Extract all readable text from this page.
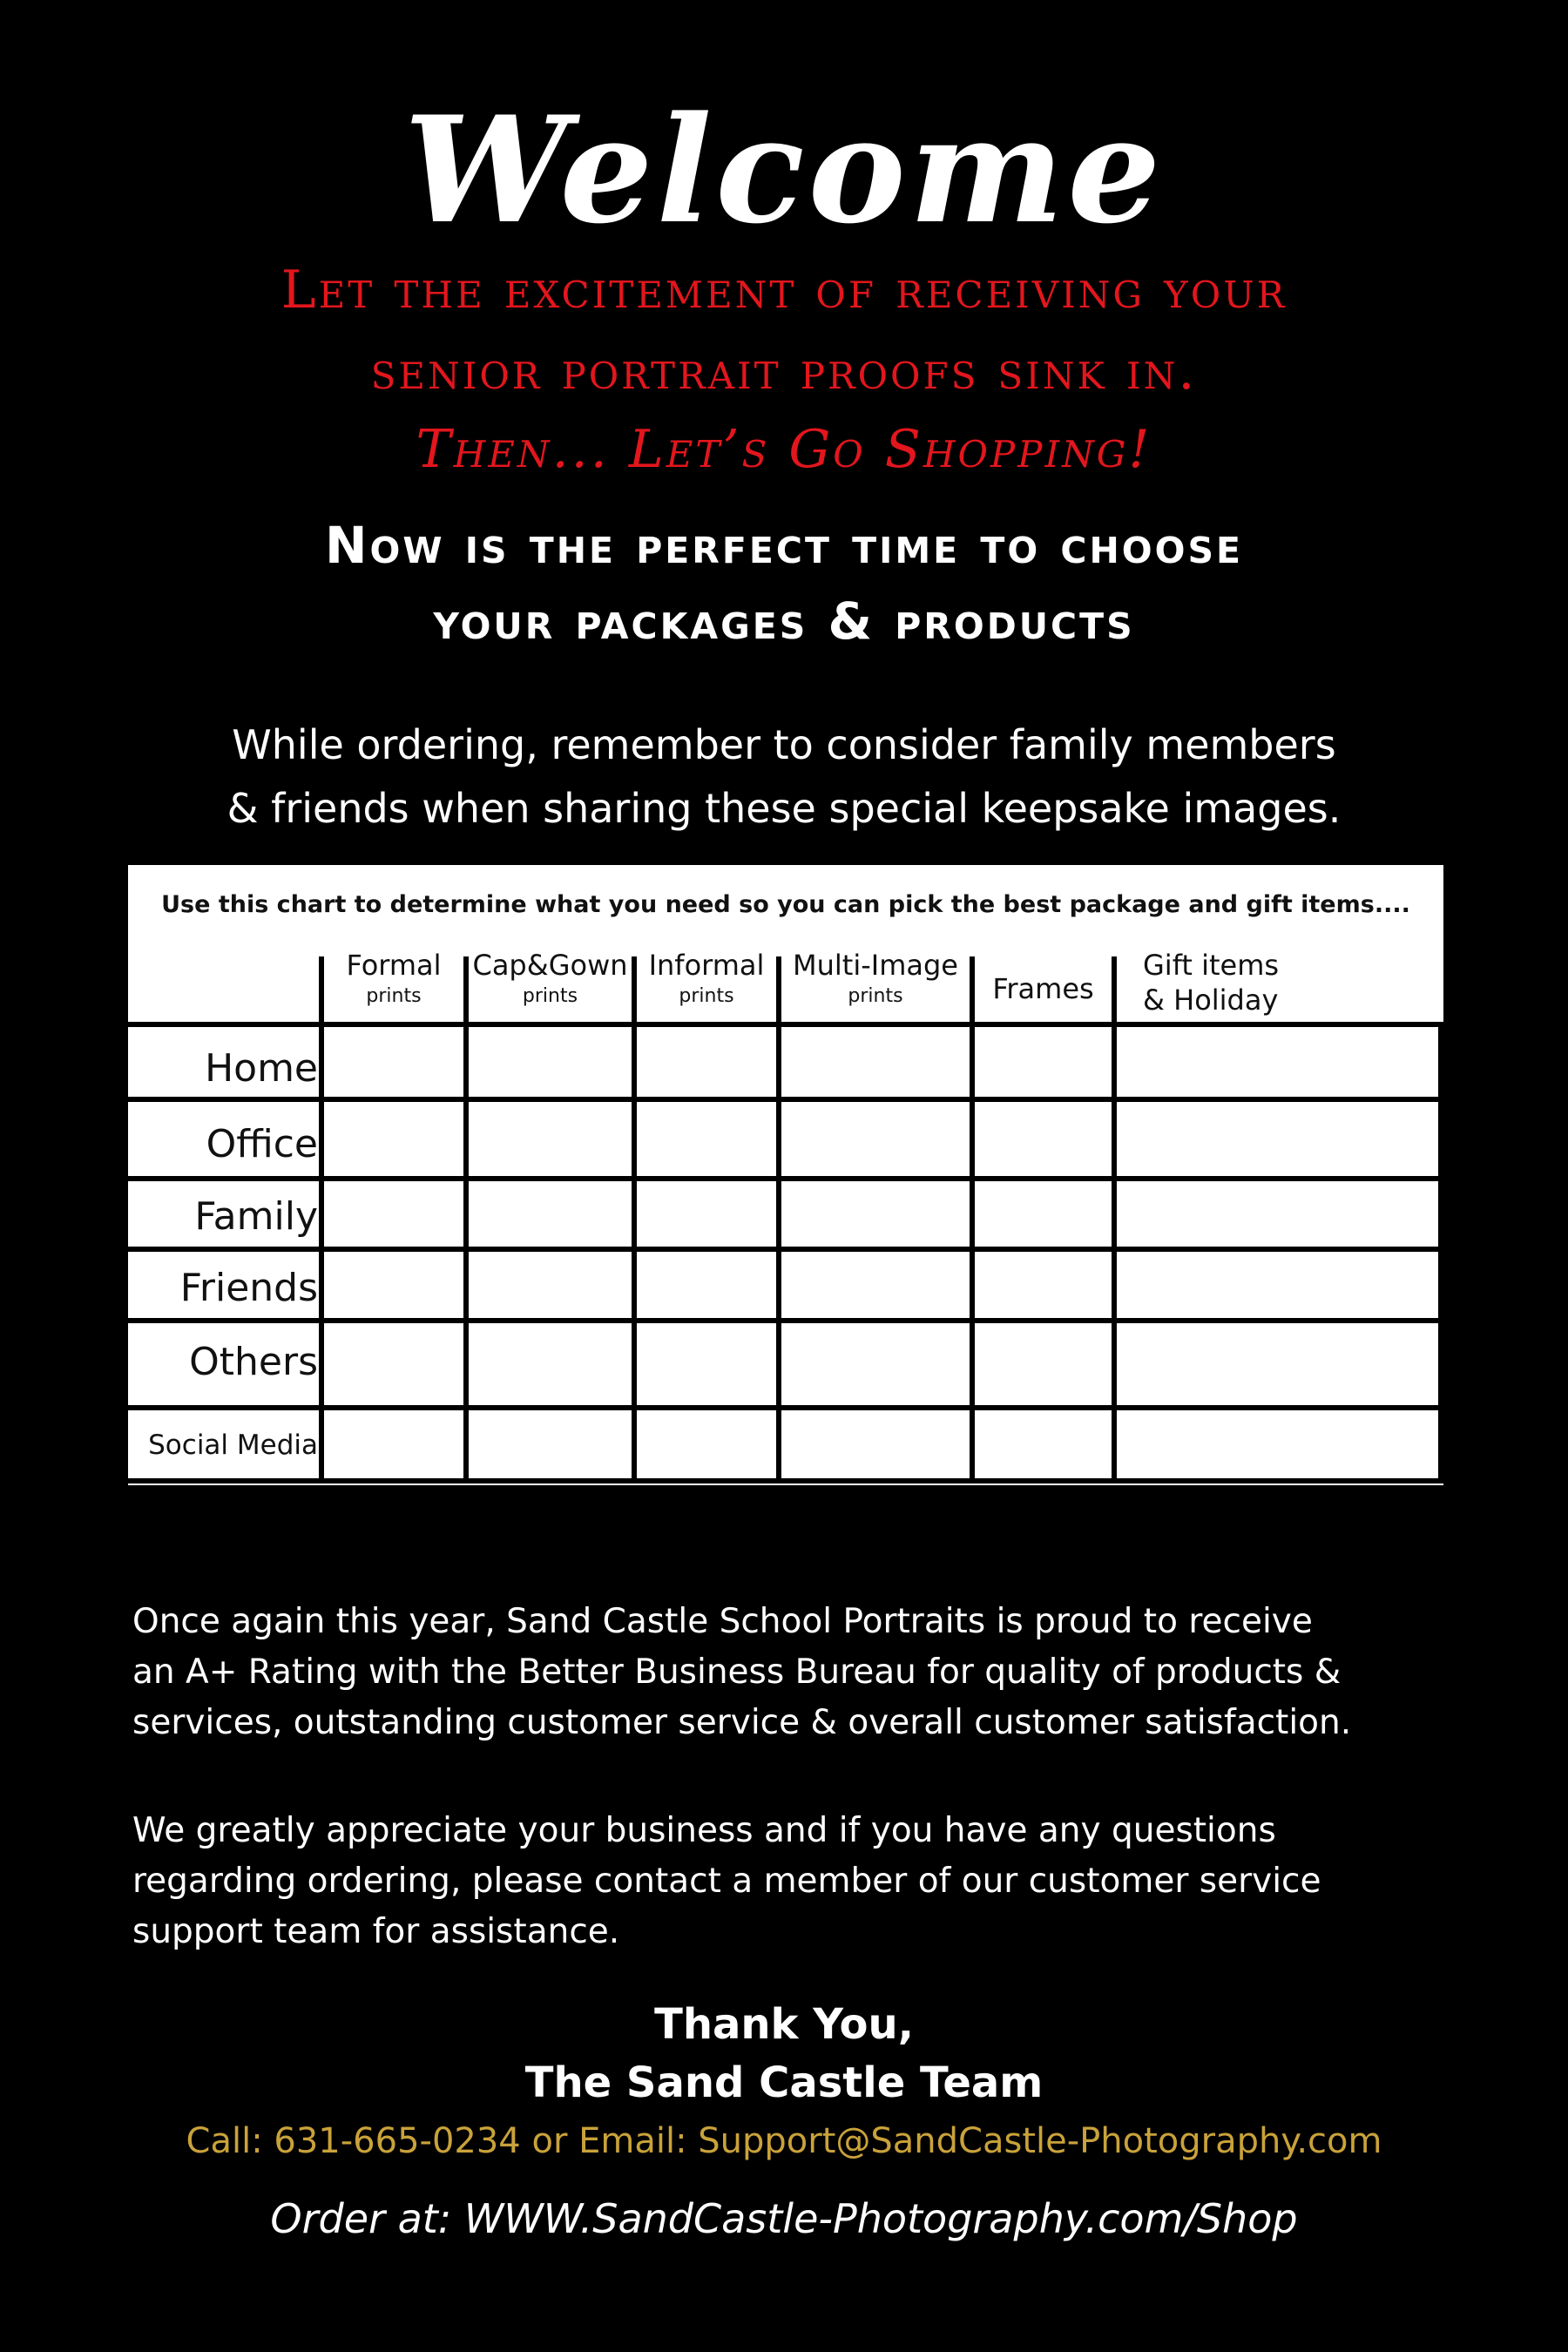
Welcome
Let the excitement of receiving your
senior portrait proofs sink in.
Then... Let’s Go Shopping!
Now is the perfect time to choose
your packages & products
While ordering, remember to consider family members
& friends when sharing these special keepsake images.
Use this chart to determine what you need so you can pick the best package and gift items....
Formal
prints
Cap&Gown
prints
Informal
prints
Multi-Image
prints	Frames
Gift items
& Holiday
Home
Office
Family
Friends
Others
Social Media
Once again this year, Sand Castle School Portraits is proud to receive
an A+ Rating with the Better Business Bureau for quality of products &
services, outstanding customer service & overall customer satisfaction.
We greatly appreciate your business and if you have any questions
regarding ordering, please contact a member of our customer service
support team for assistance.
Thank You,
The Sand Castle Team
Call: 631-665-0234 or Email: Support@SandCastle-Photography.com
Order at: WWW.SandCastle-Photography.com/Shop
